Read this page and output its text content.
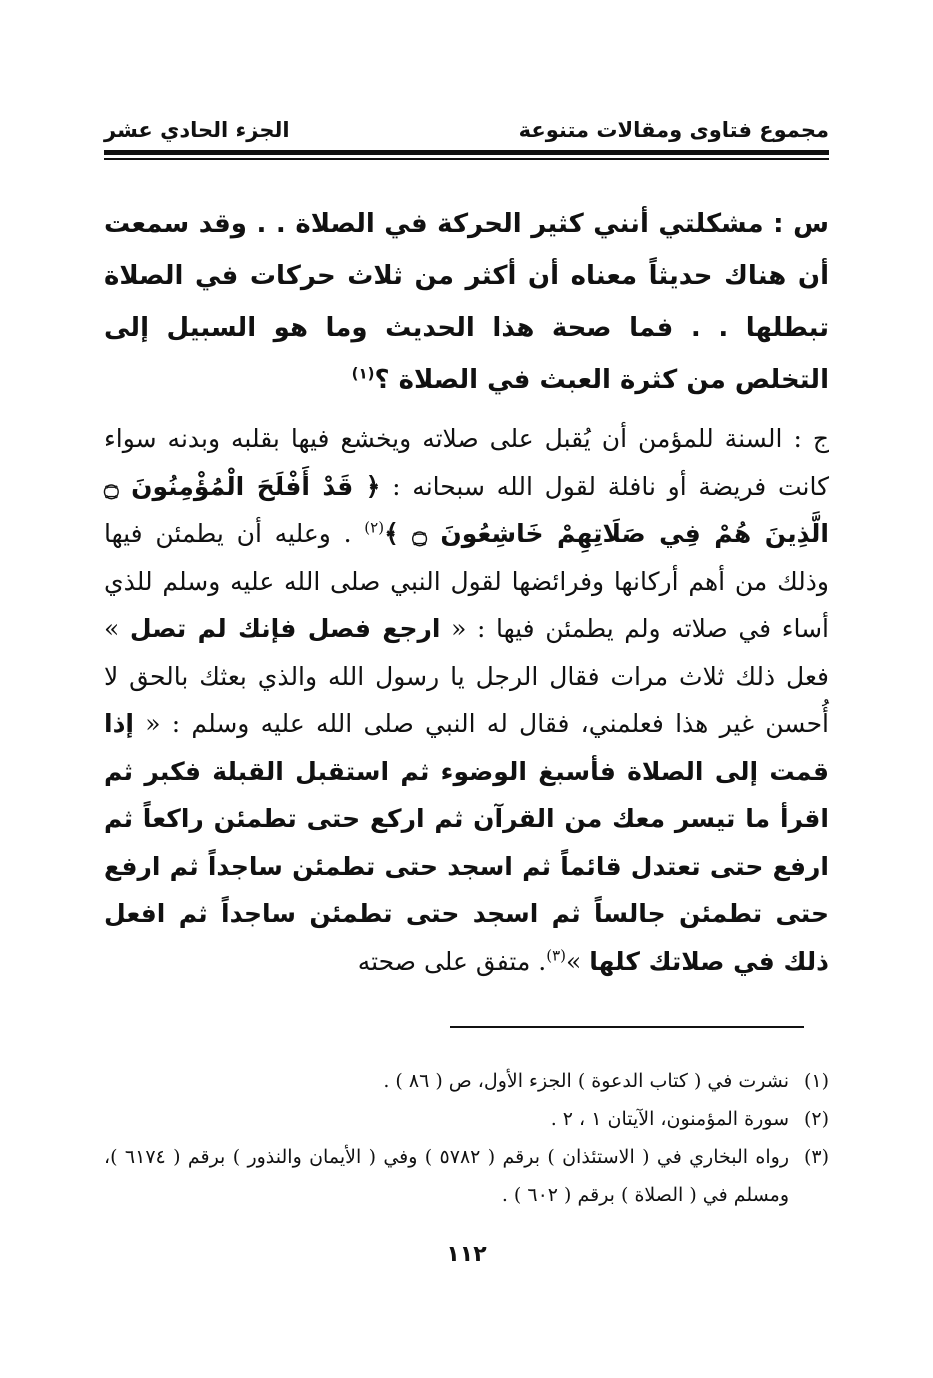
مجموع فتاوى ومقالات متنوعة
الجزء الحادي عشر
س : مشكلتي أنني كثير الحركة في الصلاة . . وقد سمعت أن هناك حديثاً معناه أن أكثر من ثلاث حركات في الصلاة تبطلها . . فما صحة هذا الحديث وما هو السبيل إلى التخلص من كثرة العبث في الصلاة ؟$^{(١)}$
ج : السنة للمؤمن أن يُقبل على صلاته ويخشع فيها بقلبه وبدنه سواء كانت فريضة أو نافلة لقول الله سبحانه : ﴿ قَدْ أَفْلَحَ الْمُؤْمِنُونَ ۝ الَّذِينَ هُمْ فِي صَلَاتِهِمْ خَاشِعُونَ ۝ ﴾$^{(٢)}$ . وعليه أن يطمئن فيها وذلك من أهم أركانها وفرائضها لقول النبي صلى الله عليه وسلم للذي أساء في صلاته ولم يطمئن فيها : « ارجع فصل فإنك لم تصل » فعل ذلك ثلاث مرات فقال الرجل يا رسول الله والذي بعثك بالحق لا أُحسن غير هذا فعلمني، فقال له النبي صلى الله عليه وسلم : « إذا قمت إلى الصلاة فأسبغ الوضوء ثم استقبل القبلة فكبر ثم اقرأ ما تيسر معك من القرآن ثم اركع حتى تطمئن راكعاً ثم ارفع حتى تعتدل قائماً ثم اسجد حتى تطمئن ساجداً ثم ارفع حتى تطمئن جالساً ثم اسجد حتى تطمئن ساجداً ثم افعل ذلك في صلاتك كلها »$^{(٣)}$. متفق على صحته
(١)
نشرت في ( كتاب الدعوة ) الجزء الأول، ص ( ٨٦ ) .
(٢)
سورة المؤمنون، الآيتان ١ ، ٢ .
(٣)
رواه البخاري في ( الاستئذان ) برقم ( ٥٧٨٢ ) وفي ( الأيمان والنذور ) برقم ( ٦١٧٤ )، ومسلم في ( الصلاة ) برقم ( ٦٠٢ ) .
١١٢
